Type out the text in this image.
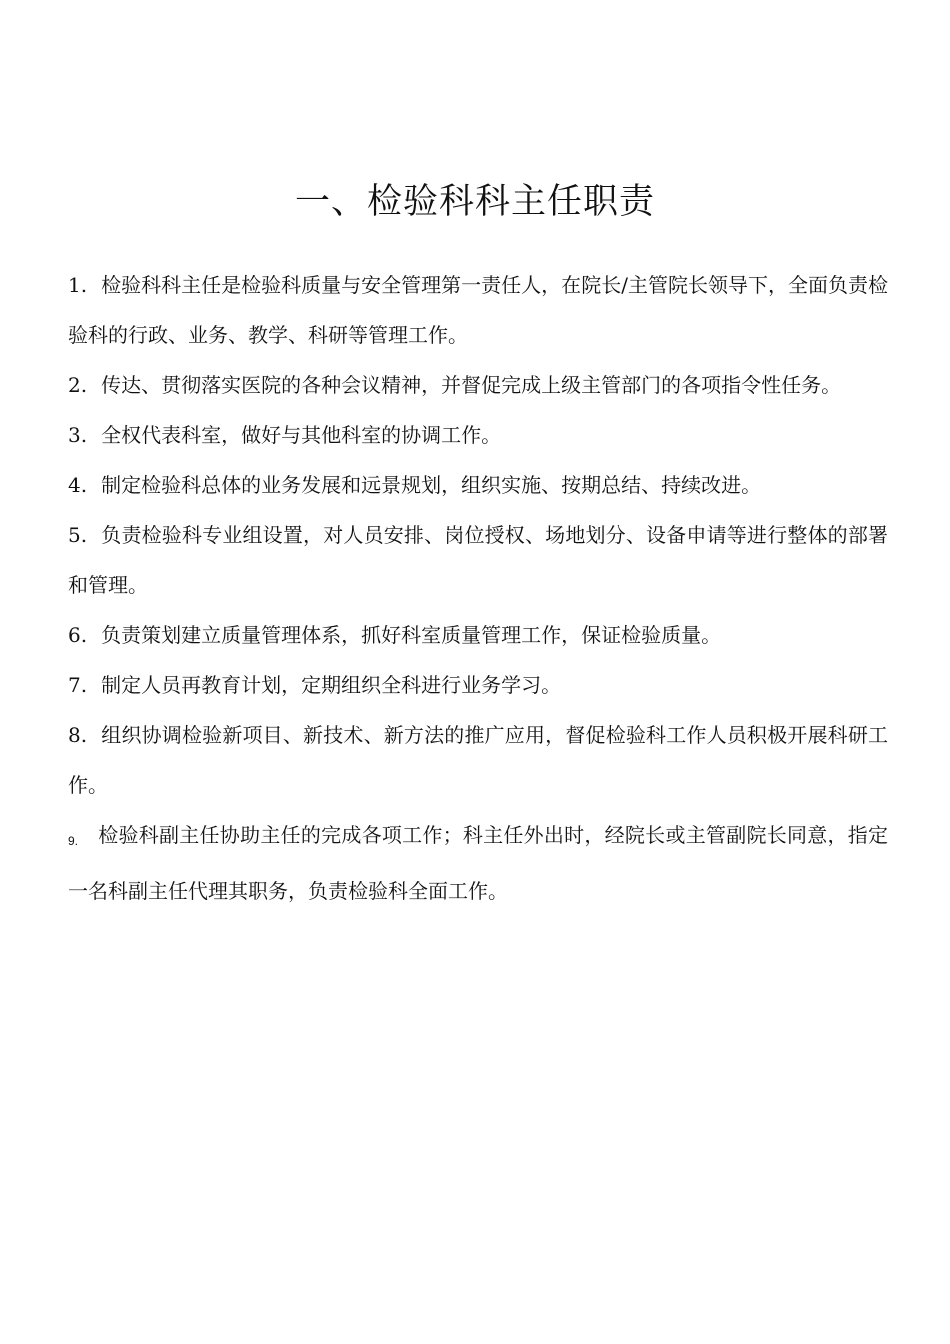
一、检验科科主任职责

1. 检验科科主任是检验科质量与安全管理第一责任人，在院长/主管院长领导下，全面负责检验科的行政、业务、教学、科研等管理工作。

2. 传达、贯彻落实医院的各种会议精神，并督促完成上级主管部门的各项指令性任务。

3. 全权代表科室，做好与其他科室的协调工作。

4. 制定检验科总体的业务发展和远景规划，组织实施、按期总结、持续改进。

5. 负责检验科专业组设置，对人员安排、岗位授权、场地划分、设备申请等进行整体的部署和管理。

6. 负责策划建立质量管理体系，抓好科室质量管理工作，保证检验质量。

7. 制定人员再教育计划，定期组织全科进行业务学习。

8. 组织协调检验新项目、新技术、新方法的推广应用，督促检验科工作人员积极开展科研工作。

9. 检验科副主任协助主任的完成各项工作；科主任外出时，经院长或主管副院长同意，指定一名科副主任代理其职务，负责检验科全面工作。
